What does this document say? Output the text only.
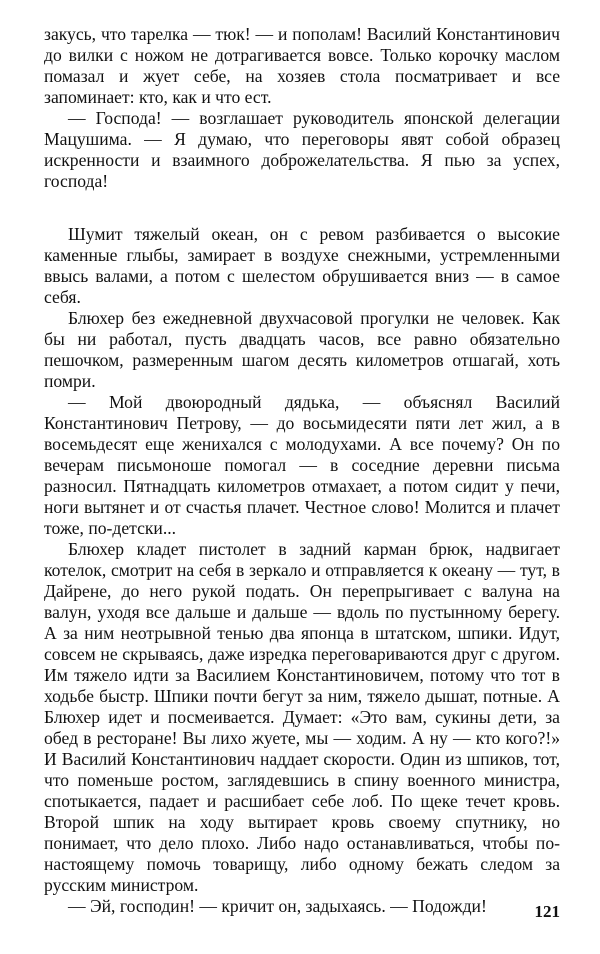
закусь, что тарелка — тюк! — и пополам! Василий Константинович до вилки с ножом не дотрагивается вовсе. Только корочку маслом помазал и жует себе, на хозяев стола посматривает и все запоминает: кто, как и что ест.

— Господа! — возглашает руководитель японской делегации Мацушима. — Я думаю, что переговоры явят собой образец искренности и взаимного доброжелательства. Я пью за успех, господа!

Шумит тяжелый океан, он с ревом разбивается о высокие каменные глыбы, замирает в воздухе снежными, устремленными ввысь валами, а потом с шелестом обрушивается вниз — в самое себя.

Блюхер без ежедневной двухчасовой прогулки не человек. Как бы ни работал, пусть двадцать часов, все равно обязательно пешочком, размеренным шагом десять километров отшагай, хоть помри.

— Мой двоюродный дядька, — объяснял Василий Константинович Петрову, — до восьмидесяти пяти лет жил, а в восемьдесят еще женихался с молодухами. А все почему? Он по вечерам письмоноше помогал — в соседние деревни письма разносил. Пятнадцать километров отмахает, а потом сидит у печи, ноги вытянет и от счастья плачет. Честное слово! Молится и плачет тоже, по-детски...

Блюхер кладет пистолет в задний карман брюк, надвигает котелок, смотрит на себя в зеркало и отправляется к океану — тут, в Дайрене, до него рукой подать. Он перепрыгивает с валуна на валун, уходя все дальше и дальше — вдоль по пустынному берегу. А за ним неотрывной тенью два японца в штатском, шпики. Идут, совсем не скрываясь, даже изредка переговариваются друг с другом. Им тяжело идти за Василием Константиновичем, потому что тот в ходьбе быстр. Шпики почти бегут за ним, тяжело дышат, потные. А Блюхер идет и посмеивается. Думает: «Это вам, сукины дети, за обед в ресторане! Вы лихо жуете, мы — ходим. А ну — кто кого?!» И Василий Константинович наддает скорости. Один из шпиков, тот, что поменьше ростом, заглядевшись в спину военного министра, спотыкается, падает и расшибает себе лоб. По щеке течет кровь. Второй шпик на ходу вытирает кровь своему спутнику, но понимает, что дело плохо. Либо надо останавливаться, чтобы по-настоящему помочь товарищу, либо одному бежать следом за русским министром.

— Эй, господин! — кричит он, задыхаясь. — Подожди!	121
